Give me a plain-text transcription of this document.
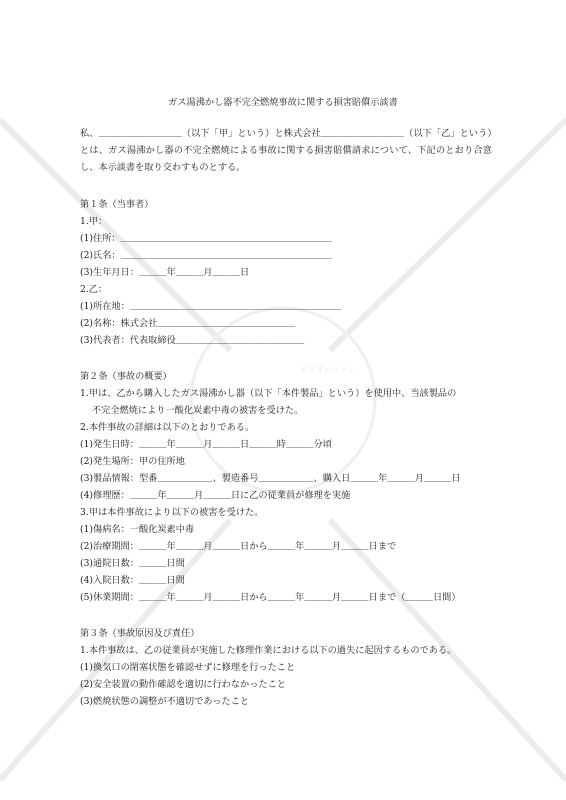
ビズオーシャン
ガス湯沸かし器不完全燃焼事故に関する損害賠償示談書
私、＿＿＿＿＿＿＿＿＿（以下「甲」という）と株式会社＿＿＿＿＿＿＿＿＿（以下「乙」という）とは、ガス湯沸かし器の不完全燃焼による事故に関する損害賠償請求について、下記のとおり合意し、本示談書を取り交わすものとする。
第１条（当事者）
1.甲：
(1)住所：＿＿＿＿＿＿＿＿＿＿＿＿＿＿＿＿＿＿＿＿＿＿＿
(2)氏名：＿＿＿＿＿＿＿＿＿＿＿＿＿＿＿＿＿＿＿＿＿＿＿
(3)生年月日：＿＿＿年＿＿＿月＿＿＿日
2.乙：
(1)所在地：＿＿＿＿＿＿＿＿＿＿＿＿＿＿＿＿＿＿＿＿＿＿＿
(2)名称：株式会社＿＿＿＿＿＿＿＿＿＿＿＿＿＿＿
(3)代表者：代表取締役＿＿＿＿＿＿＿＿＿＿＿＿＿＿
第２条（事故の概要）
1.甲は、乙から購入したガス湯沸かし器（以下「本件製品」という）を使用中、当該製品の
不完全燃焼により一酸化炭素中毒の被害を受けた。
2.本件事故の詳細は以下のとおりである。
(1)発生日時：＿＿＿年＿＿＿月＿＿＿日＿＿＿時＿＿＿分頃
(2)発生場所：甲の住所地
(3)製品情報：型番＿＿＿＿＿＿、製造番号＿＿＿＿＿＿、購入日＿＿＿年＿＿＿月＿＿＿日
(4)修理歴：＿＿＿年＿＿＿月＿＿＿日に乙の従業員が修理を実施
3.甲は本件事故により以下の被害を受けた。
(1)傷病名：一酸化炭素中毒
(2)治療期間：＿＿＿年＿＿＿月＿＿＿日から＿＿＿年＿＿＿月＿＿＿日まで
(3)通院日数：＿＿＿日間
(4)入院日数：＿＿＿日間
(5)休業期間：＿＿＿年＿＿＿月＿＿＿日から＿＿＿年＿＿＿月＿＿＿日まで（＿＿＿日間）
第３条（事故原因及び責任）
1.本件事故は、乙の従業員が実施した修理作業における以下の過失に起因するものである。
(1)換気口の閉塞状態を確認せずに修理を行ったこと
(2)安全装置の動作確認を適切に行わなかったこと
(3)燃焼状態の調整が不適切であったこと
